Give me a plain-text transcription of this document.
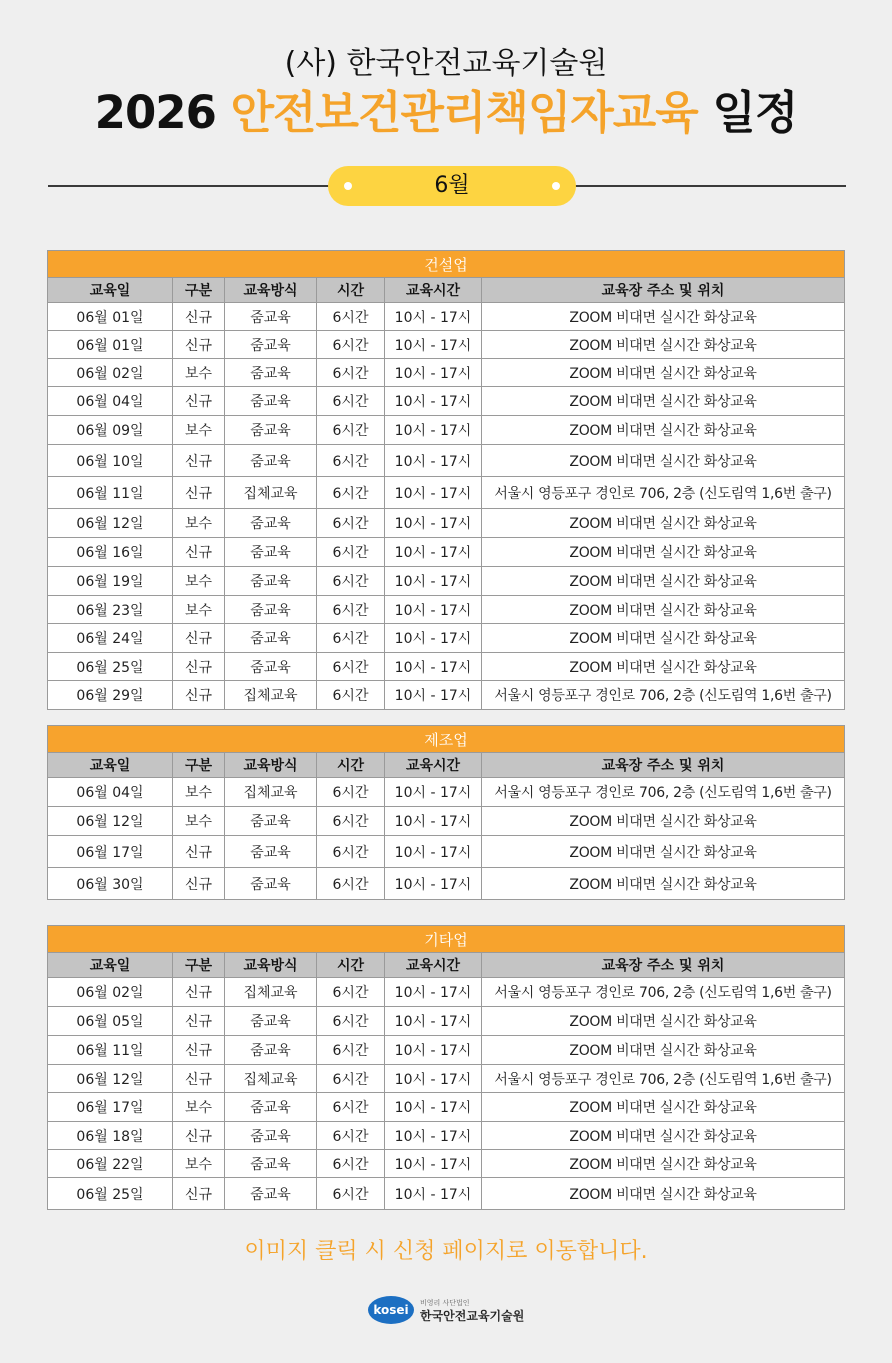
(사) 한국안전교육기술원
2026 안전보건관리책임자교육 일정
6월
건설업					
교육일	구분	교육방식	시간	교육시간	교육장 주소 및 위치
06월 01일	신규	줌교육	6시간	10시 - 17시	ZOOM 비대면 실시간 화상교육
06월 01일	신규	줌교육	6시간	10시 - 17시	ZOOM 비대면 실시간 화상교육
06월 02일	보수	줌교육	6시간	10시 - 17시	ZOOM 비대면 실시간 화상교육
06월 04일	신규	줌교육	6시간	10시 - 17시	ZOOM 비대면 실시간 화상교육
06월 09일	보수	줌교육	6시간	10시 - 17시	ZOOM 비대면 실시간 화상교육
06월 10일	신규	줌교육	6시간	10시 - 17시	ZOOM 비대면 실시간 화상교육
06월 11일	신규	집체교육	6시간	10시 - 17시	서울시 영등포구 경인로 706, 2층 (신도림역 1,6번 출구)
06월 12일	보수	줌교육	6시간	10시 - 17시	ZOOM 비대면 실시간 화상교육
06월 16일	신규	줌교육	6시간	10시 - 17시	ZOOM 비대면 실시간 화상교육
06월 19일	보수	줌교육	6시간	10시 - 17시	ZOOM 비대면 실시간 화상교육
06월 23일	보수	줌교육	6시간	10시 - 17시	ZOOM 비대면 실시간 화상교육
06월 24일	신규	줌교육	6시간	10시 - 17시	ZOOM 비대면 실시간 화상교육
06월 25일	신규	줌교육	6시간	10시 - 17시	ZOOM 비대면 실시간 화상교육
06월 29일	신규	집체교육	6시간	10시 - 17시	서울시 영등포구 경인로 706, 2층 (신도림역 1,6번 출구)
제조업					
교육일	구분	교육방식	시간	교육시간	교육장 주소 및 위치
06월 04일	보수	집체교육	6시간	10시 - 17시	서울시 영등포구 경인로 706, 2층 (신도림역 1,6번 출구)
06월 12일	보수	줌교육	6시간	10시 - 17시	ZOOM 비대면 실시간 화상교육
06월 17일	신규	줌교육	6시간	10시 - 17시	ZOOM 비대면 실시간 화상교육
06월 30일	신규	줌교육	6시간	10시 - 17시	ZOOM 비대면 실시간 화상교육
기타업					
교육일	구분	교육방식	시간	교육시간	교육장 주소 및 위치
06월 02일	신규	집체교육	6시간	10시 - 17시	서울시 영등포구 경인로 706, 2층 (신도림역 1,6번 출구)
06월 05일	신규	줌교육	6시간	10시 - 17시	ZOOM 비대면 실시간 화상교육
06월 11일	신규	줌교육	6시간	10시 - 17시	ZOOM 비대면 실시간 화상교육
06월 12일	신규	집체교육	6시간	10시 - 17시	서울시 영등포구 경인로 706, 2층 (신도림역 1,6번 출구)
06월 17일	보수	줌교육	6시간	10시 - 17시	ZOOM 비대면 실시간 화상교육
06월 18일	신규	줌교육	6시간	10시 - 17시	ZOOM 비대면 실시간 화상교육
06월 22일	보수	줌교육	6시간	10시 - 17시	ZOOM 비대면 실시간 화상교육
06월 25일	신규	줌교육	6시간	10시 - 17시	ZOOM 비대면 실시간 화상교육
이미지 클릭 시 신청 페이지로 이동합니다.
kosei	비영리 사단법인
한국안전교육기술원
